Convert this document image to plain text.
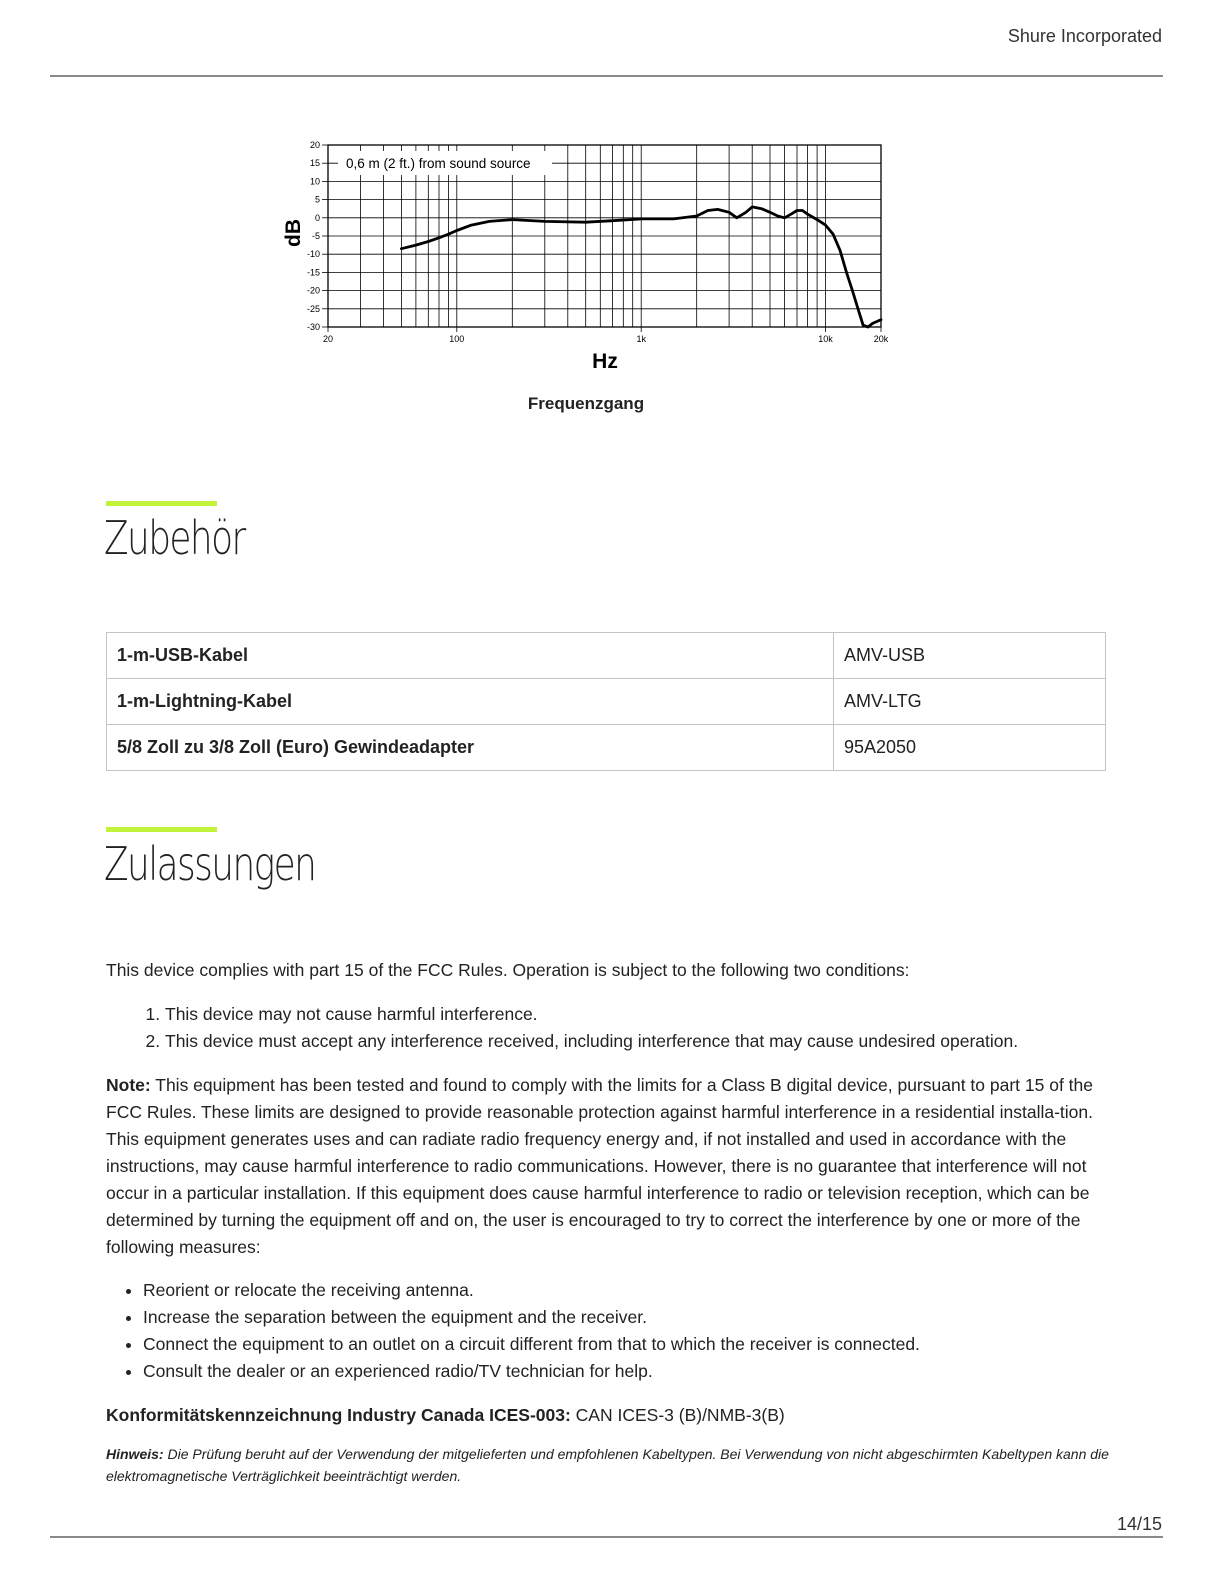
Shure Incorporated
20
15
10
5
0
-5
-10
-15
-20
-25
-30
20	100	1k	10k	20k
0,6 m (2 ft.) from sound source
dB
Hz
Frequenzgang
Zubehör
1-m-USB-Kabel	AMV-USB
1-m-Lightning-Kabel	AMV-LTG
5/8 Zoll zu 3/8 Zoll (Euro) Gewindeadapter	95A2050
Zulassungen

This device complies with part 15 of the FCC Rules. Operation is subject to the following two conditions:

1. This device may not cause harmful interference.
2. This device must accept any interference received, including interference that may cause undesired operation.

Note: This equipment has been tested and found to comply with the limits for a Class B digital device, pursuant to part 15 of the FCC Rules. These limits are designed to provide reasonable protection against harmful interference in a residential installa-tion. This equipment generates uses and can radiate radio frequency energy and, if not installed and used in accordance with the instructions, may cause harmful interference to radio communications. However, there is no guarantee that interference will not occur in a particular installation. If this equipment does cause harmful interference to radio or television reception, which can be determined by turning the equipment off and on, the user is encouraged to try to correct the interference by one or more of the following measures:

• Reorient or relocate the receiving antenna.
• Increase the separation between the equipment and the receiver.
• Connect the equipment to an outlet on a circuit different from that to which the receiver is connected.
• Consult the dealer or an experienced radio/TV technician for help.

Konformitätskennzeichnung Industry Canada ICES-003: CAN ICES-3 (B)/NMB-3(B)

Hinweis: Die Prüfung beruht auf der Verwendung der mitgelieferten und empfohlenen Kabeltypen. Bei Verwendung von nicht abgeschirmten Kabeltypen kann die elektromagnetische Verträglichkeit beeinträchtigt werden.

14/15
